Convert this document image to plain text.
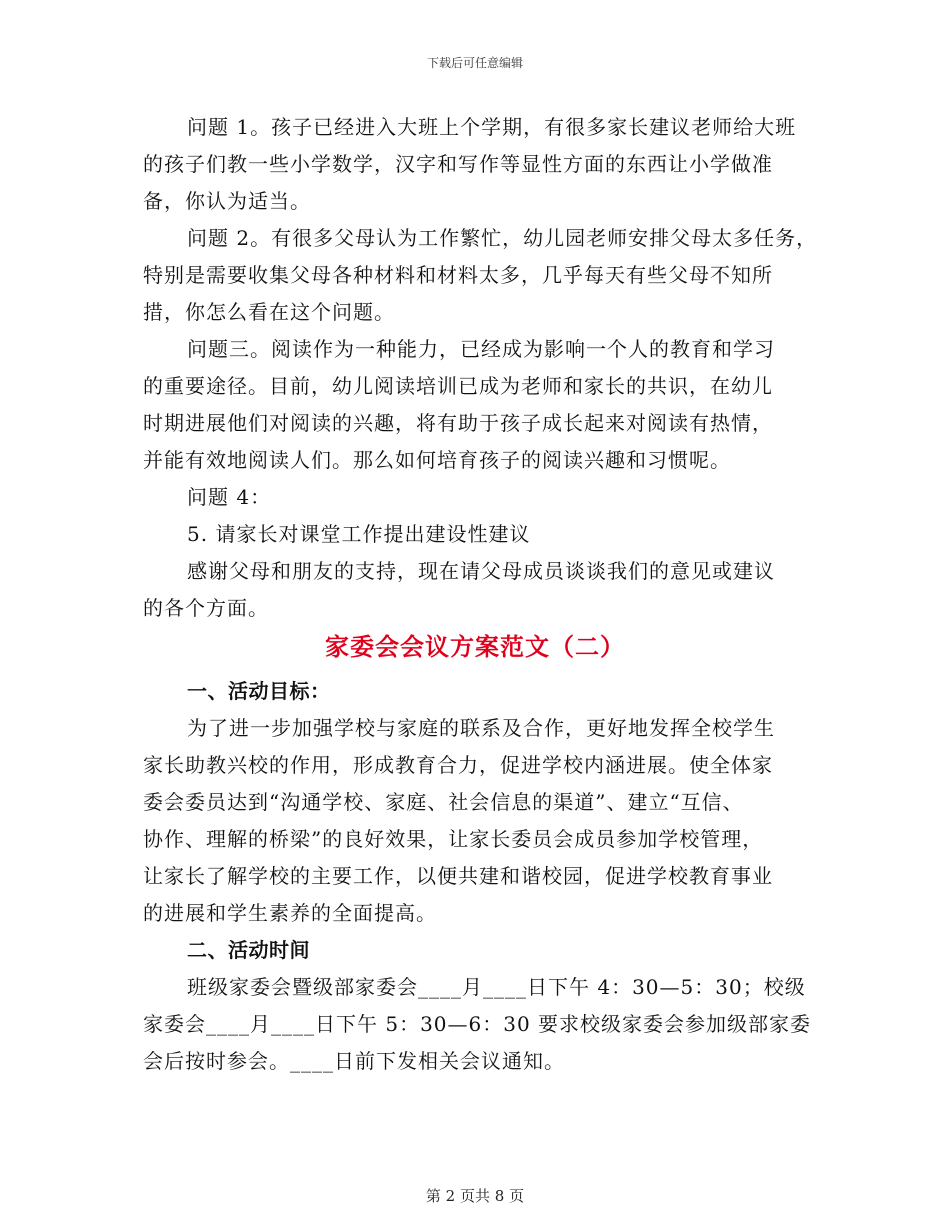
下载后可任意编辑
问题 1。孩子已经进入大班上个学期，有很多家长建议老师给大班
的孩子们教一些小学数学，汉字和写作等显性方面的东西让小学做准
备，你认为适当。
问题 2。有很多父母认为工作繁忙，幼儿园老师安排父母太多任务，
特别是需要收集父母各种材料和材料太多，几乎每天有些父母不知所
措，你怎么看在这个问题。
问题三。阅读作为一种能力，已经成为影响一个人的教育和学习
的重要途径。目前，幼儿阅读培训已成为老师和家长的共识，在幼儿
时期进展他们对阅读的兴趣，将有助于孩子成长起来对阅读有热情，
并能有效地阅读人们。那么如何培育孩子的阅读兴趣和习惯呢。
问题 4：
5. 请家长对课堂工作提出建设性建议
感谢父母和朋友的支持，现在请父母成员谈谈我们的意见或建议
的各个方面。
家委会会议方案范文（二）
一、活动目标：
为了进一步加强学校与家庭的联系及合作，更好地发挥全校学生
家长助教兴校的作用，形成教育合力，促进学校内涵进展。使全体家
委会委员达到“沟通学校、家庭、社会信息的渠道”、建立“互信、
协作、理解的桥梁”的良好效果，让家长委员会成员参加学校管理，
让家长了解学校的主要工作，以便共建和谐校园，促进学校教育事业
的进展和学生素养的全面提高。
二、活动时间
班级家委会暨级部家委会____月____日下午 4：30—5：30；校级
家委会____月____日下午 5：30—6：30 要求校级家委会参加级部家委
会后按时参会。____日前下发相关会议通知。
第 2 页共 8 页
